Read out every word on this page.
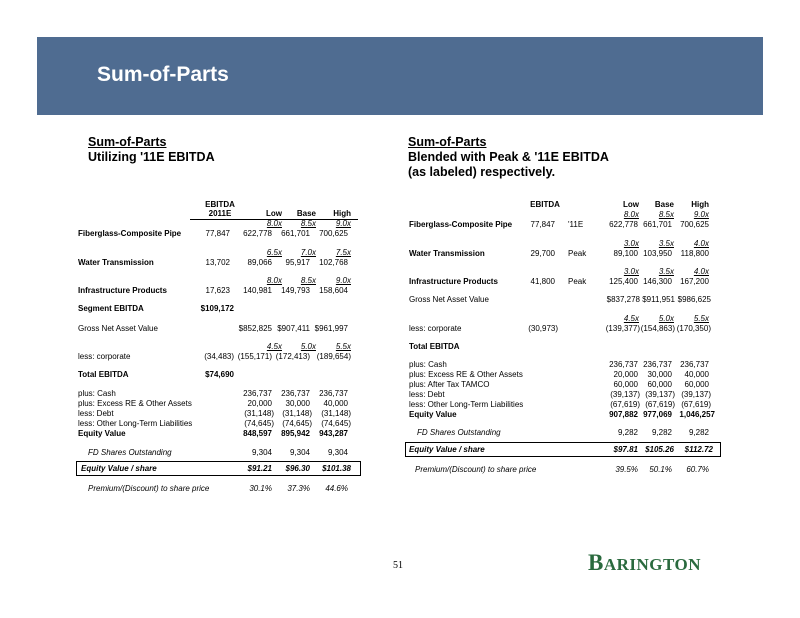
Sum-of-Parts
Sum-of-Parts
Utilizing '11E EBITDA
Sum-of-Parts
Blended with Peak & '11E EBITDA
(as labeled) respectively.
EBITDA
2011E	Low	Base	High
8.0x	8.5x	9.0x
Fiberglass-Composite Pipe	77,847	622,778	661,701	700,625
6.5x	7.0x	7.5x
Water Transmission	13,702	89,066	95,917	102,768
8.0x	8.5x	9.0x
Infrastructure Products	17,623	140,981	149,793	158,604
Segment EBITDA	$109,172
Gross Net Asset Value	$852,825 $907,411 $961,997
4.5x	5.0x	5.5x
less: corporate	(34,483) (155,171) (172,413) (189,654)
Total EBITDA	$74,690
plus: Cash	236,737	236,737	236,737
plus: Excess RE & Other Assets	20,000	30,000	40,000
less: Debt	(31,148)	(31,148)	(31,148)
less: Other Long-Term Liabilities	(74,645)	(74,645)	(74,645)
Equity Value	848,597	895,942	943,287
FD Shares Outstanding	9,304	9,304	9,304
Equity Value / share	$91.21	$96.30	$101.38
Premium/(Discount) to share price	30.1%	37.3%	44.6%
EBITDA	Low	Base	High
8.0x	8.5x	9.0x
Fiberglass-Composite Pipe	77,847 '11E	622,778 661,701	700,625
3.0x	3.5x	4.0x
Water Transmission	29,700 Peak	89,100 103,950	118,800
3.0x	3.5x	4.0x
Infrastructure Products	41,800 Peak	125,400 146,300	167,200
Gross Net Asset Value	$837,278 $911,951 $986,625
4.5x	5.0x	5.5x
less: corporate	(30,973)	(139,377) (154,863) (170,350)
Total EBITDA
plus: Cash	236,737 236,737	236,737
plus: Excess RE & Other Assets	20,000	30,000	40,000
plus: After Tax TAMCO	60,000	60,000	60,000
less: Debt	(39,137) (39,137) (39,137)
less: Other Long-Term Liabilities	(67,619) (67,619) (67,619)
Equity Value	907,882 977,069 1,046,257
FD Shares Outstanding	9,282	9,282	9,282
Equity Value / share	$97.81 $105.26	$112.72
Premium/(Discount) to share price	39.5%	50.1%	60.7%
51	BARINGTON
